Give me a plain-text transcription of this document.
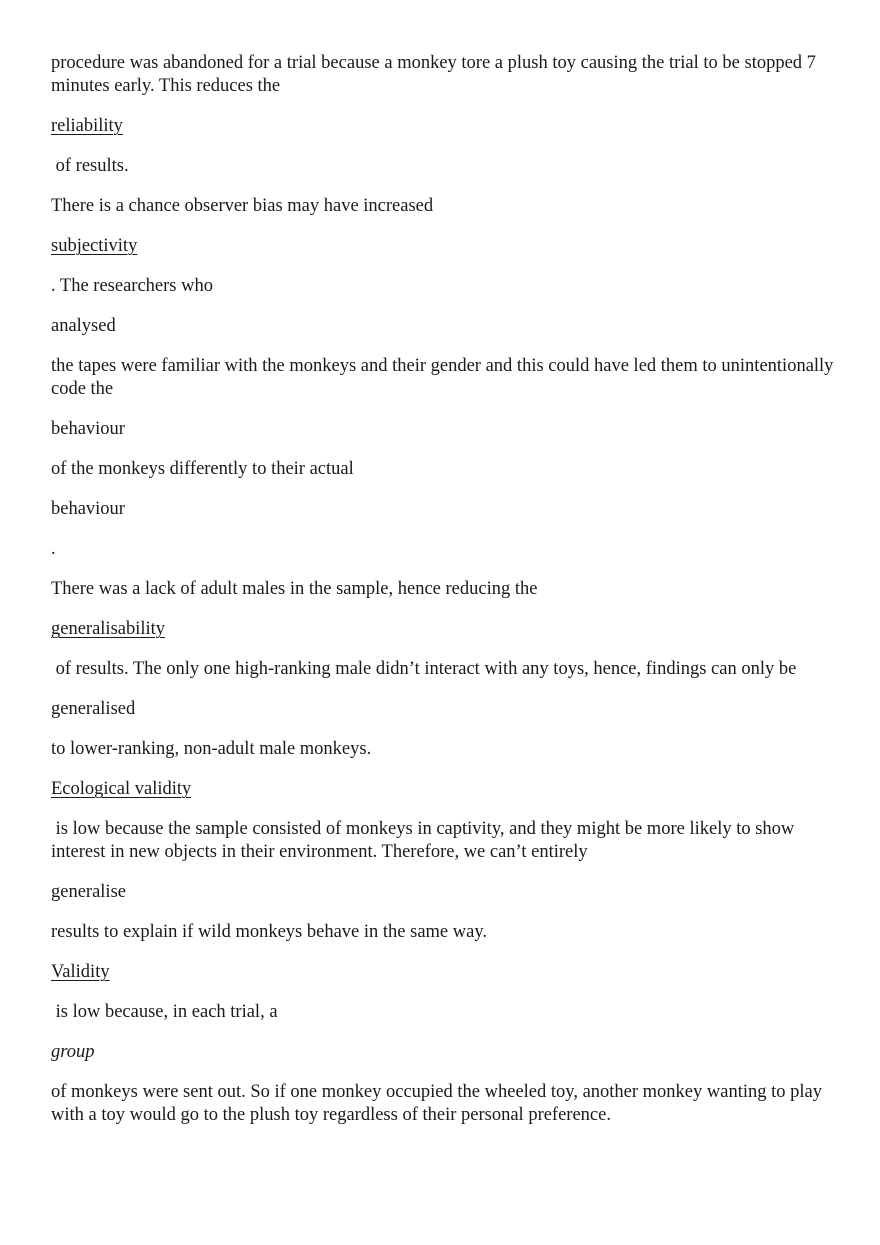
procedure was abandoned for a trial because a monkey tore a plush toy causing the trial to be stopped 7 minutes early. This reduces the

reliability

of results.

There is a chance observer bias may have increased

subjectivity

. The researchers who

analysed

the tapes were familiar with the monkeys and their gender and this could have led them to unintentionally code the

behaviour

of the monkeys differently to their actual

behaviour

.

There was a lack of adult males in the sample, hence reducing the

generalisability

of results. The only one high-ranking male didn’t interact with any toys, hence, findings can only be

generalised

to lower-ranking, non-adult male monkeys.

Ecological validity

is low because the sample consisted of monkeys in captivity, and they might be more likely to show interest in new objects in their environment. Therefore, we can’t entirely

generalise

results to explain if wild monkeys behave in the same way.

Validity

is low because, in each trial, a

group

of monkeys were sent out. So if one monkey occupied the wheeled toy, another monkey wanting to play with a toy would go to the plush toy regardless of their personal preference.
